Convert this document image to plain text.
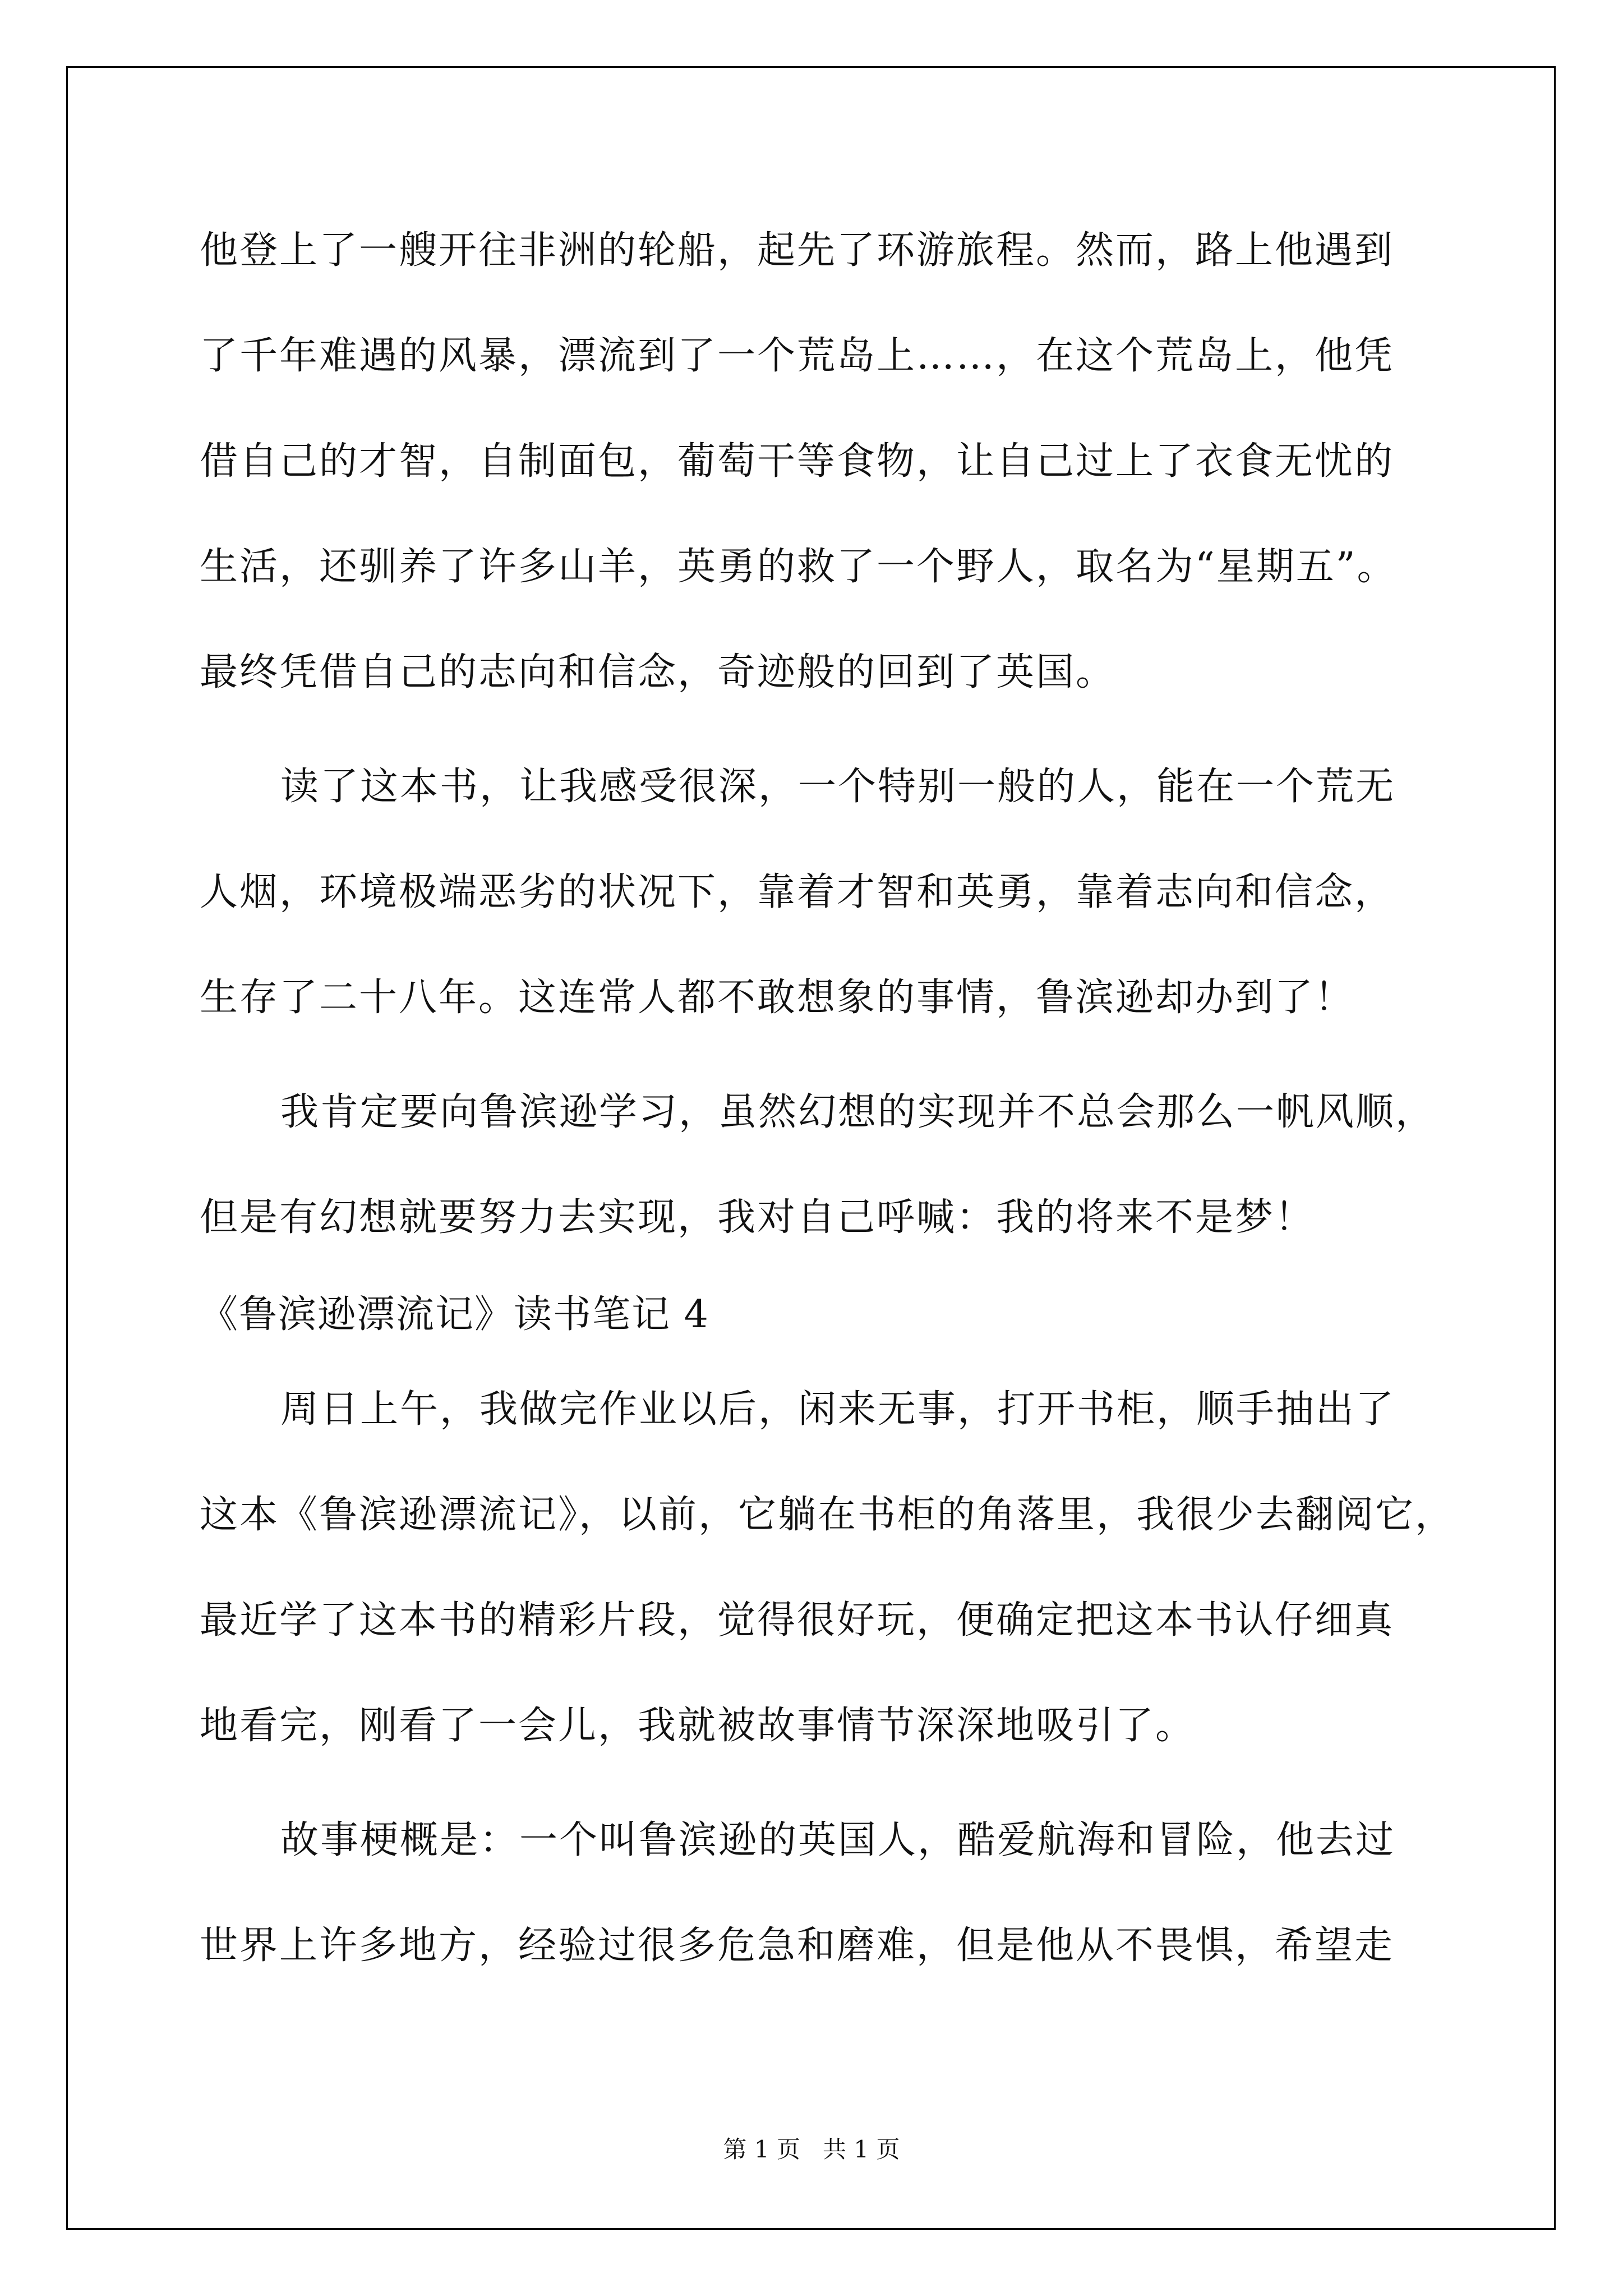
他登上了一艘开往非洲的轮船，起先了环游旅程。然而，路上他遇到

了千年难遇的风暴，漂流到了一个荒岛上……，在这个荒岛上，他凭

借自己的才智，自制面包，葡萄干等食物，让自己过上了衣食无忧的

生活，还驯养了许多山羊，英勇的救了一个野人，取名为“星期五”。

最终凭借自己的志向和信念，奇迹般的回到了英国。

读了这本书，让我感受很深，一个特别一般的人，能在一个荒无

人烟，环境极端恶劣的状况下，靠着才智和英勇，靠着志向和信念，

生存了二十八年。这连常人都不敢想象的事情，鲁滨逊却办到了！

我肯定要向鲁滨逊学习，虽然幻想的实现并不总会那么一帆风顺，

但是有幻想就要努力去实现，我对自己呼喊：我的将来不是梦！

《鲁滨逊漂流记》读书笔记 4

周日上午，我做完作业以后，闲来无事，打开书柜，顺手抽出了

这本《鲁滨逊漂流记》，以前，它躺在书柜的角落里，我很少去翻阅它，

最近学了这本书的精彩片段，觉得很好玩，便确定把这本书认仔细真

地看完，刚看了一会儿，我就被故事情节深深地吸引了。

故事梗概是：一个叫鲁滨逊的英国人，酷爱航海和冒险，他去过

世界上许多地方，经验过很多危急和磨难，但是他从不畏惧，希望走

第 1 页   共 1 页
